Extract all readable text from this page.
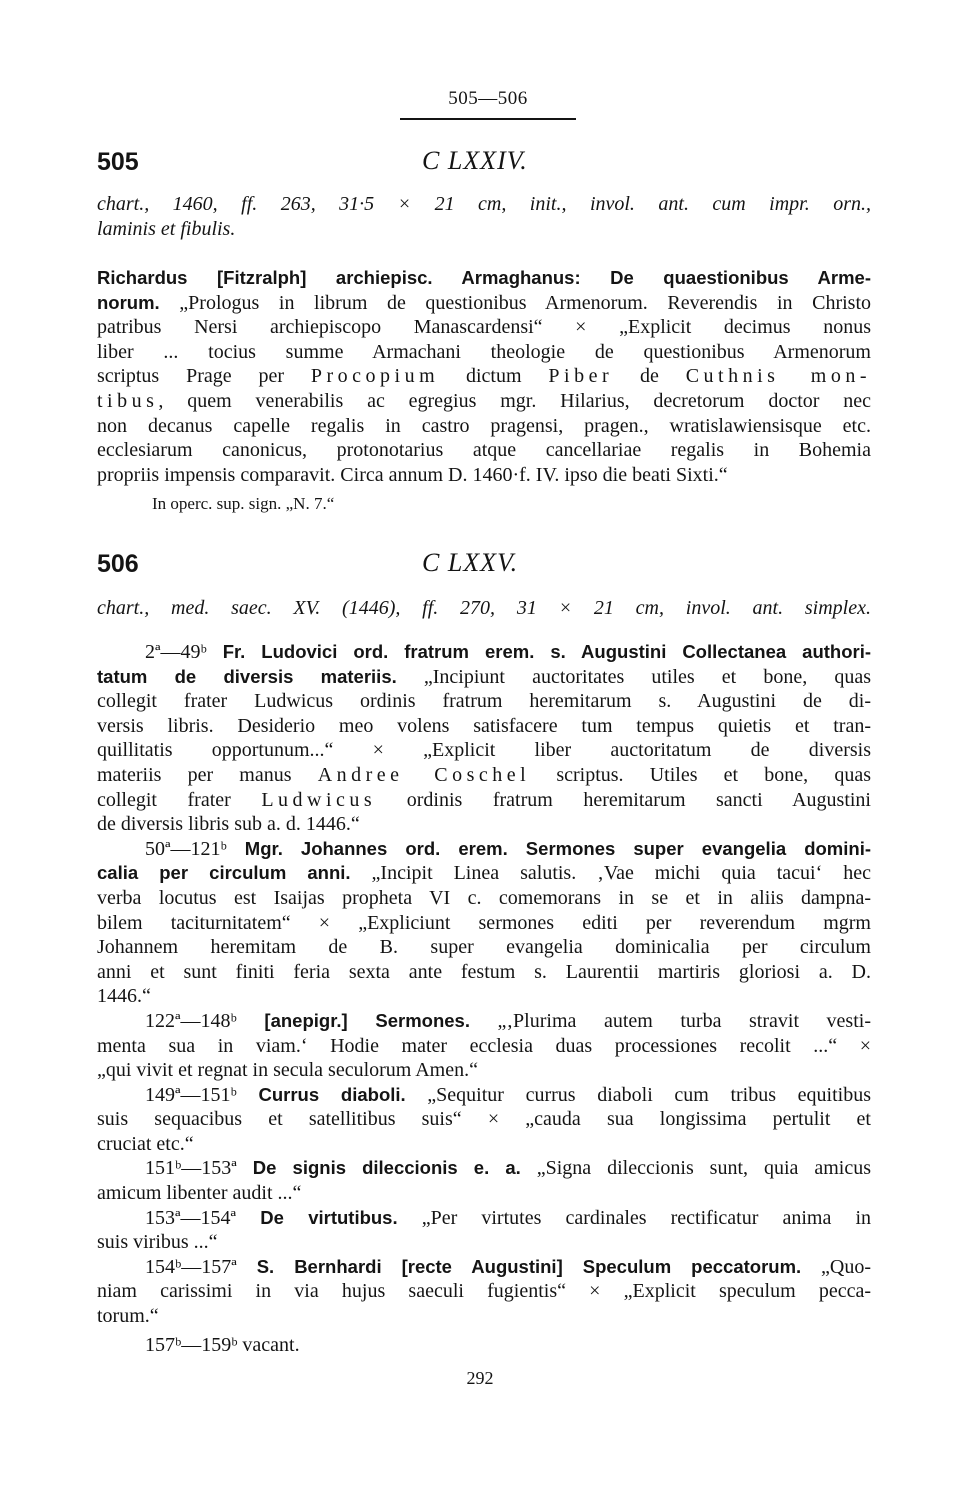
505—506
505	C LXXIV.
chart., 1460, ff. 263, 31·5 × 21 cm, init., invol. ant. cum impr. orn.,
laminis et fibulis.
Richardus [Fitzralph] archiepisc. Armaghanus: De quaestionibus Arme-
norum. „Prologus in librum de questionibus Armenorum. Reverendis in Christo
patribus Nersi archiepiscopo Manascardensi“ × „Explicit decimus nonus
liber ... tocius summe Armachani theologie de questionibus Armenorum
scriptus Prage per Procopium dictum Piber de Cuthnis mon-
tibus, quem venerabilis ac egregius mgr. Hilarius, decretorum doctor nec
non decanus capelle regalis in castro pragensi, pragen., wratislawiensisque etc.
ecclesiarum canonicus, protonotarius atque cancellariae regalis in Bohemia
propriis impensis comparavit. Circa annum D. 1460·f. IV. ipso die beati Sixti.“
In operc. sup. sign. „N. 7.“
506	C LXXV.
chart., med. saec. XV. (1446), ff. 270, 31 × 21 cm, invol. ant. simplex.
2ª—49ᵇ Fr. Ludovici ord. fratrum erem. s. Augustini Collectanea authori-
tatum de diversis materiis. „Incipiunt auctoritates utiles et bone, quas
collegit frater Ludwicus ordinis fratrum heremitarum s. Augustini de di-
versis libris. Desiderio meo volens satisfacere tum tempus quietis et tran-
quillitatis opportunum...“ × „Explicit liber auctoritatum de diversis
materiis per manus Andree Coschel scriptus. Utiles et bone, quas
collegit frater Ludwicus ordinis fratrum heremitarum sancti Augustini
de diversis libris sub a. d. 1446.“
50ª—121ᵇ Mgr. Johannes ord. erem. Sermones super evangelia domini-
calia per circulum anni. „Incipit Linea salutis. ‚Vae michi quia tacui‘ hec
verba locutus est Isaijas propheta VI c. comemorans in se et in aliis dampna-
bilem taciturnitatem“ × „Expliciunt sermones editi per reverendum mgrm
Johannem heremitam de B. super evangelia dominicalia per circulum
anni et sunt finiti feria sexta ante festum s. Laurentii martiris gloriosi a. D.
1446.“
122ª—148ᵇ [anepigr.] Sermones. „‚Plurima autem turba stravit vesti-
menta sua in viam.‘ Hodie mater ecclesia duas processiones recolit ...“ ×
„qui vivit et regnat in secula seculorum Amen.“
149ª—151ᵇ Currus diaboli. „Sequitur currus diaboli cum tribus equitibus
suis sequacibus et satellitibus suis“ × „cauda sua longissima pertulit et
cruciat etc.“
151ᵇ—153ª De signis dileccionis e. a. „Signa dileccionis sunt, quia amicus
amicum libenter audit ...“
153ª—154ª De virtutibus. „Per virtutes cardinales rectificatur anima in
suis viribus ...“
154ᵇ—157ª S. Bernhardi [recte Augustini] Speculum peccatorum. „Quo-
niam carissimi in via hujus saeculi fugientis“ × „Explicit speculum pecca-
torum.“
157ᵇ—159ᵇ vacant.
292
